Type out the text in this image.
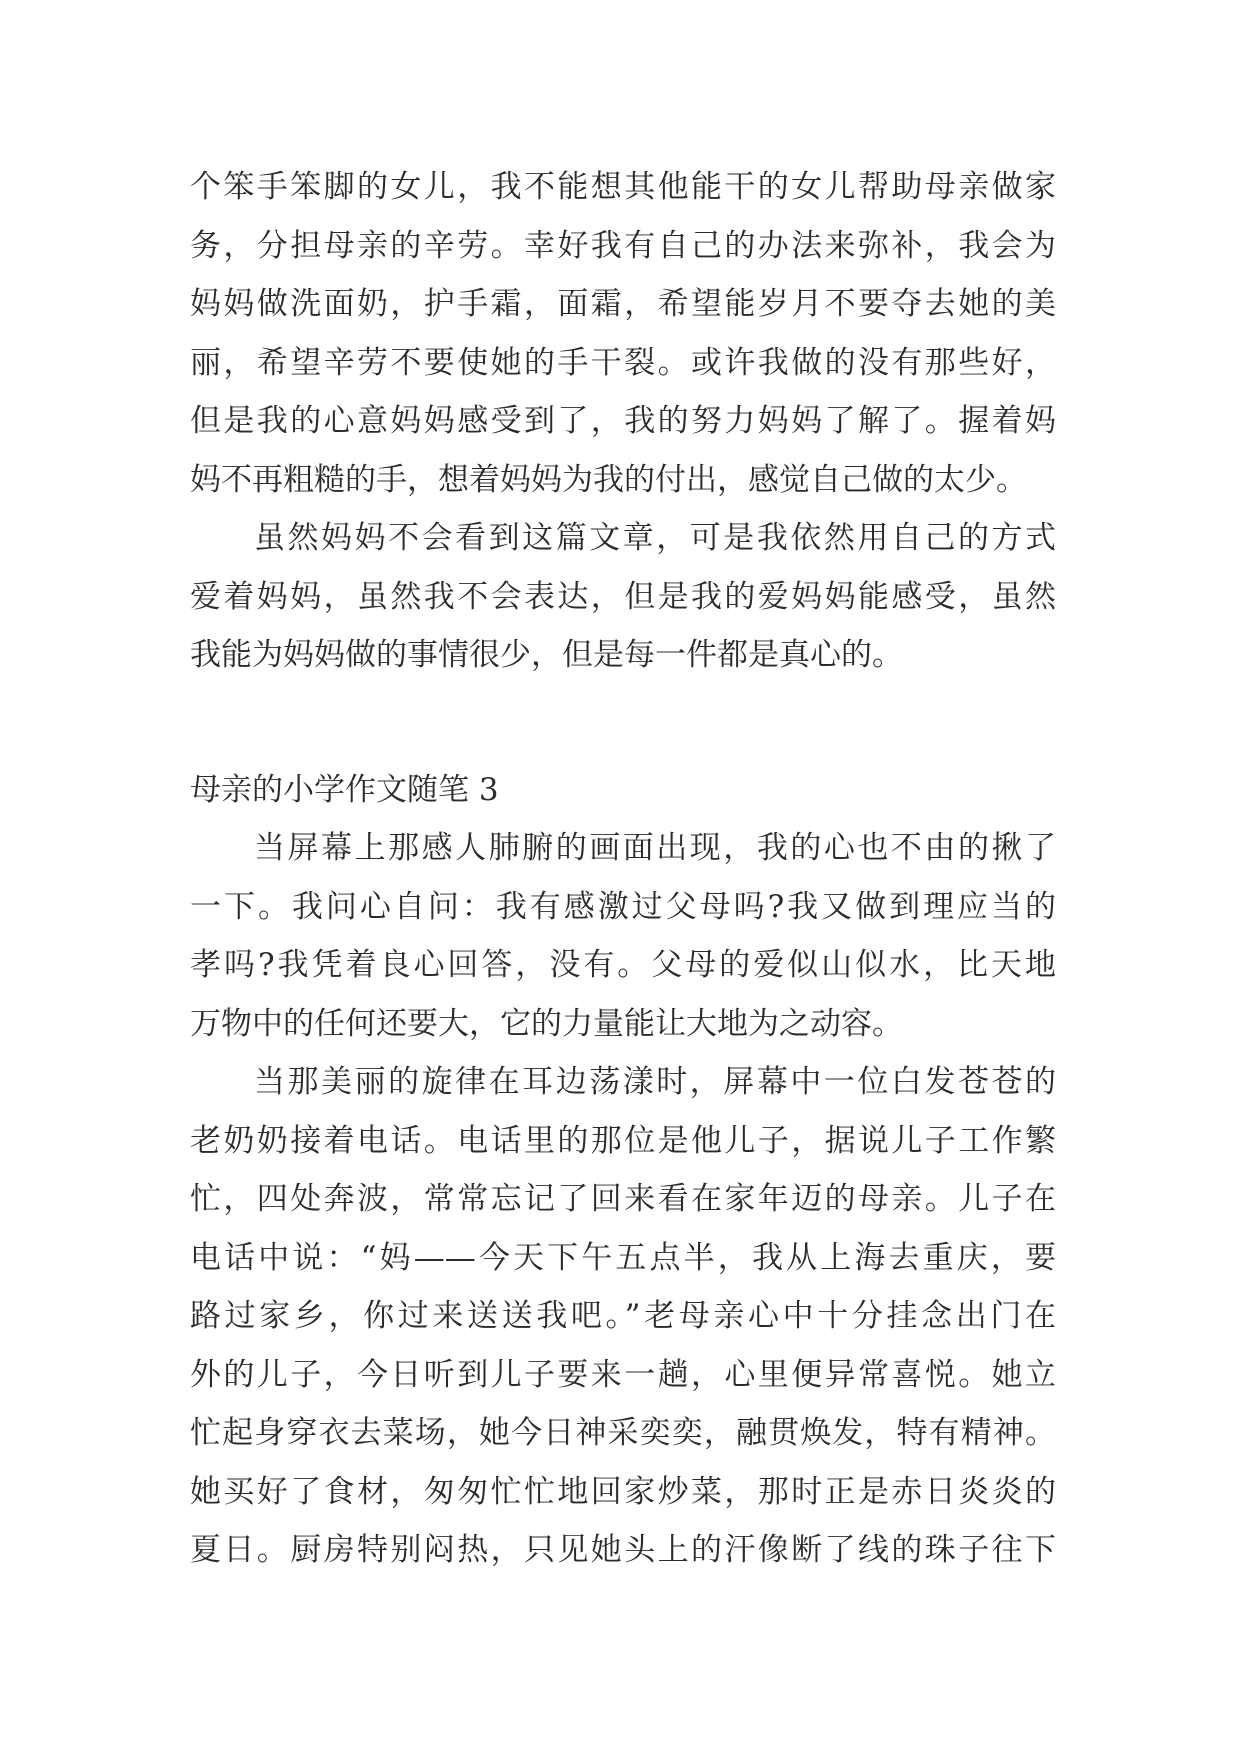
个笨手笨脚的女儿，我不能想其他能干的女儿帮助母亲做家
务，分担母亲的辛劳。幸好我有自己的办法来弥补，我会为
妈妈做洗面奶，护手霜，面霜，希望能岁月不要夺去她的美
丽，希望辛劳不要使她的手干裂。或许我做的没有那些好，
但是我的心意妈妈感受到了，我的努力妈妈了解了。握着妈
妈不再粗糙的手，想着妈妈为我的付出，感觉自己做的太少。
虽然妈妈不会看到这篇文章，可是我依然用自己的方式
爱着妈妈，虽然我不会表达，但是我的爱妈妈能感受，虽然
我能为妈妈做的事情很少，但是每一件都是真心的。
母亲的小学作文随笔 3
当屏幕上那感人肺腑的画面出现，我的心也不由的揪了
一下。我问心自问：我有感激过父母吗?我又做到理应当的
孝吗?我凭着良心回答，没有。父母的爱似山似水，比天地
万物中的任何还要大，它的力量能让大地为之动容。
当那美丽的旋律在耳边荡漾时，屏幕中一位白发苍苍的
老奶奶接着电话。电话里的那位是他儿子，据说儿子工作繁
忙，四处奔波，常常忘记了回来看在家年迈的母亲。儿子在
电话中说：“妈——今天下午五点半，我从上海去重庆，要
路过家乡，你过来送送我吧。”老母亲心中十分挂念出门在
外的儿子，今日听到儿子要来一趟，心里便异常喜悦。她立
忙起身穿衣去菜场，她今日神采奕奕，融贯焕发，特有精神。
她买好了食材，匆匆忙忙地回家炒菜，那时正是赤日炎炎的
夏日。厨房特别闷热，只见她头上的汗像断了线的珠子往下
